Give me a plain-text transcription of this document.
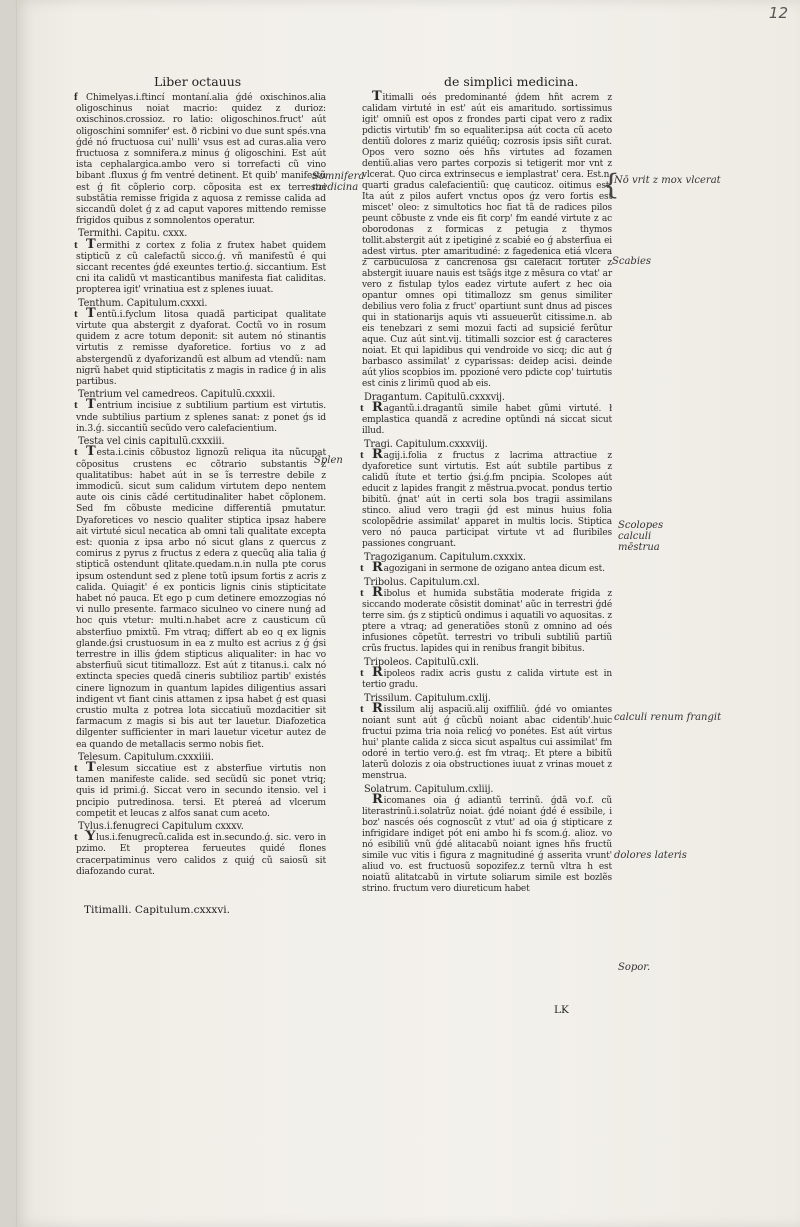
12
Liber octauus	de simplici medicina.

f Chimelyas.i.ftincí montaní.alia ǵdé oxischinos.alia oligoschinus noiat macrio: quidez z durioz: oxischinos.crossioz. ro latio: oligoschinos.fruct' aút oligoschini somnifer' est. ð ricbini vo due sunt spés.vna ǵdé nó fructuosa cui' nulli' vsus est ad curas.alia vero fructuosa z somnifera.ƶ minus ǵ oligoschini. Est aút ista cephalargica.ambo vero si torrefacti cũ vino bibant .fluxus ǵ fm ventré detinent. Et quib' manifestũ est ǵ fit cõplerio corp. cõposita est ex terrestri substãtia remisse frigida z aquosa z remisse calida ad siccandũ dolet ǵ z ad caput vapores mittendo remisse frigidos quibus z somnolentos operatur.

Termithi. Capitu. cxxx.

t Termithi z cortex z folia z frutex habet quidem stipticũ z cũ calefactũ sicco.ǵ. vñ manifestũ é qui siccant recentes ǵdé exeuntes tertio.ǵ. siccantium. Est cni ita calidũ vt masticantibus manifesta fiat caliditas. propterea igit' vrinatiua est z splenes iuuat.

Tenthum. Capitulum.cxxxi.

t Tentũ.i.fyclum litosa quadã participat qualitate virtute qua abstergit z dyaforat. Coctũ vo in rosum quidem z acre totum deponit: sit autem nó stinantis virtutis z remisse dyaforetice. fortius vo z ad abstergendũ z dyaforizandũ est album ad vtendũ: nam nigrũ habet quid stipticitatis z magis in radice ǵ in alis partibus.

Tentrium vel camedreos. Capitulũ.cxxxii.

t Tentrium incisiue z subtilium partium est virtutis. vnde subtilius partium z splenes sanat: z ponet ǵs id in.3.ǵ. siccantiũ secũdo vero calefacientium.

Testa vel cinis capitulũ.cxxxiii.

t Testa.i.cinis cõbustoz lignozũ reliqua ita nũcupat cõpositus crustens ec cõtrario substantis z qualitatibus: habet aút in se ĩs terrestre debile z immodicũ. sicut sum calidum virtutem depo nentem aute ois cinis cãdé certitudinaliter habet cõplonem. Sed fm cõbuste medicine differentiã pmutatur. Dyaforetices vo nescio qualiter stiptica ipsaz habere ait virtuté sicul necatica ab omni tali qualitate excepta est: quonia z ipsa arbo nó sicut glans z quercus z comirus z pyrus z fructus z edera z quecũq alia talia ǵ stipticã ostendunt qlitate.quedam.n.in nulla pte corus ipsum ostendunt sed z plene totũ ipsum fortis z acris z calida. Quiagit' é ex ponticis lignis cinis stipticitate habet nó pauca. Et ego p cum detinere emozzogias nó vi nullo presente. farmaco siculneo vo cinere nunǵ ad hoc quis vtetur: multi.n.habet acre z causticum cũ absterfiuo pmixtũ. Fm vtraq; differt ab eo q ex lignis glande.ǵsi crustuosum in ea z multo est acrius z ǵ ǵsi terrestre in illis ǵdem stipticus aliqualiter: in hac vo absterfiuũ sicut titimallozz. Est aút z titanus.i. calx nó extincta species quedã cineris subtilioz partib' existés cinere lignozum in quantum lapides diligentius assari indigent vt fiant cinis attamen z ipsa habet ǵ est quasi crustio multa z potrea lota siccatiuũ mozdacitier sit farmacum z magis si bis aut ter lauetur. Diafozetica dilgenter sufficienter in mari lauetur vicetur autez de ea quando de metallacis sermo nobis fiet.

Telesum. Capitulum.cxxxiiii.

t Telesum siccatiue est z absterfiue virtutis non tamen manifeste calide. sed secũdũ sic ponet vtriq; quis id primi.ǵ. Siccat vero in secundo itensio. vel i pncipio putredinosa. tersi. Et ptereá ad vlcerum competit et leucas z alfos sanat cum aceto.

Tylus.i.fenugreci Capitulum cxxxv.

t Ylus.i.fenugrecũ.calida est in.secundo.ǵ. sic. vero in pzimo. Et propterea ferueutes quidé flones cracerpatiminus vero calidos z quiǵ cũ saiosũ sit diafozando curat.

Titimalli oés predominanté ǵdem hñt acrem z calidam virtuté in est' aút eis amaritudo. sortissimus igit' omniũ est opos z frondes parti cipat vero z radix pdictis virtutib' fm so equaliter.ipsa aút cocta cũ aceto dentiũ dolores z mariz quiéũq; cozrosis ipsis siñt curat. Opos vero sozno oés hñs virtutes ad fozamen dentiũ.alias vero partes corpozis si tetigerit mor vnt z vlcerat. Quo circa extrinsecus e iemplastrat' cera. Est.n. quarti gradus calefacientiũ: quę cauticoz. oitimus est. Ita aút z pilos aufert vnctus opos ǵz vero fortis est miscet' oleo: z simultotics hoc fiat tã de radices pilos peunt cõbuste z vnde eis fit corp' fm eandé virtute z ac oborodonas z formicas z petugia z thymos tollit.abstergit aút z ipetiginé z scabié eo ǵ absterfiua ei adest virtus. pter amaritudiné: z fagedenica etiá vlcera z carbũculosa z cancrenosa ǵsi calefacit fortiter z abstergit iuuare nauis est tsãǵs itge z mẽsura co vtat' ar vero z fistulap tylos eadez virtute aufert z hec oia opantur omnes opi titimallozz sm genus similiter debilius vero folia z fruct' opartiunt sunt dnus ad pisces qui in stationarijs aquis vti assueuerũt citissime.n. ab eis tenebzari z semi mozui facti ad supsicié ferũtur aque. Cuz aút sint.vij. titimalli sozcior est ǵ caracteres noiat. Et qui lapidibus qui vendroide vo sicq; dic aut ǵ barbasco assimilat' z cyparissas: deidep acisi. deinde aút ylios scopbios im. ppozioné vero pdicte cop' tuirtutis est cinis z lirimũ quod ab eis.

Dragantum. Capitulũ.cxxxvij.

t Ragantũ.i.dragantũ simile habet gũmi virtuté. ł emplastica quandã z acredine optũndi ná siccat sicut illud.

Tragi. Capitulum.cxxxviij.

t Ragij.i.folia z fructus z lacrima attractiue z dyaforetice sunt virtutis. Est aút subtile partibus z calidũ ítute et tertio ǵsi.ǵ.fm pncipia. Scolopes aút educit z lapides frangit z mẽstrua.pvocat. pondus tertio bibitũ. ǵnat' aút in certi sola bos tragii assimilans stinco. aliud vero tragii ǵd est minus huius folia scolopẽdrie assimilat' apparet in multis locis. Stiptica vero nó pauca participat virtute vt ad fluribiles passiones congruant.

Tragoziganum. Capitulum.cxxxix.

t Ragozigani in sermone de ozigano antea dicum est.

Tribolus. Capitulum.cxl.

t Ribolus et humida substãtia moderate frigida z siccando moderate cõsistit dominat' aũc in terrestri ǵdé terre sim. ǵs z stipticũ ondimus i aquatili vo aquositas. z ptere a vtraq; ad generatiões stonũ z omnino ad oés infusiones cõpetũt. terrestri vo tribuli subtiliũ partiũ crũs fructus. lapides qui in renibus frangit bibitus.

Tripoleos. Capitulũ.cxli.

t Ripoleos radix acris gustu z calida virtute est in tertio gradu.

Trissilum. Capitulum.cxlij.

t Rissilum alij aspaciũ.alij oxiffiliũ. ǵdé vo omiantes noiant sunt aút ǵ cũcbũ noiant abac cidentib'.huic fructui pzima tria noia relicǵ vo ponétes. Est aút virtus hui' plante calida z sicca sicut aspaltus cui assimilat' fm odoré in tertio vero.ǵ. est fm vtraq;. Et ptere a bibitũ laterũ dolozis z oia obstructiones iuuat z vrinas mouet z menstrua.

Solatrum. Capitulum.cxliij.

Ricomanes oia ǵ adiantũ terrinũ. ǵdã vo.f. cũ literastrinũ.i.solatrũz noiat. ǵdé noiant ǵdé é essibile, i boz' nascés oés cognoscũt z vtut' ad oia ǵ stipticare z infrigidare indiget pót eni ambo hi fs scom.ǵ. alioz. vo nó esibiliũ vnũ ǵdé alitacabũ noiant ignes hñs fructũ simile vuc vitis i figura z magnitudiné ǵ asserita vrunt' aliud vo. est fructuosũ sopozifez.z ternũ vltra h est noiatũ alitatcabũ in virtute soliarum simile est bozlẽs strino. fructum vero diureticum habet

Titimalli. Capitulum.cxxxvi.
LK
{
Somnifera
medicina
Nō vrit z mox vlcerat
Scabies
Splen
Scolopes
calculi
mēstrua
calculi renum frangit
dolores lateris
Sopor.
